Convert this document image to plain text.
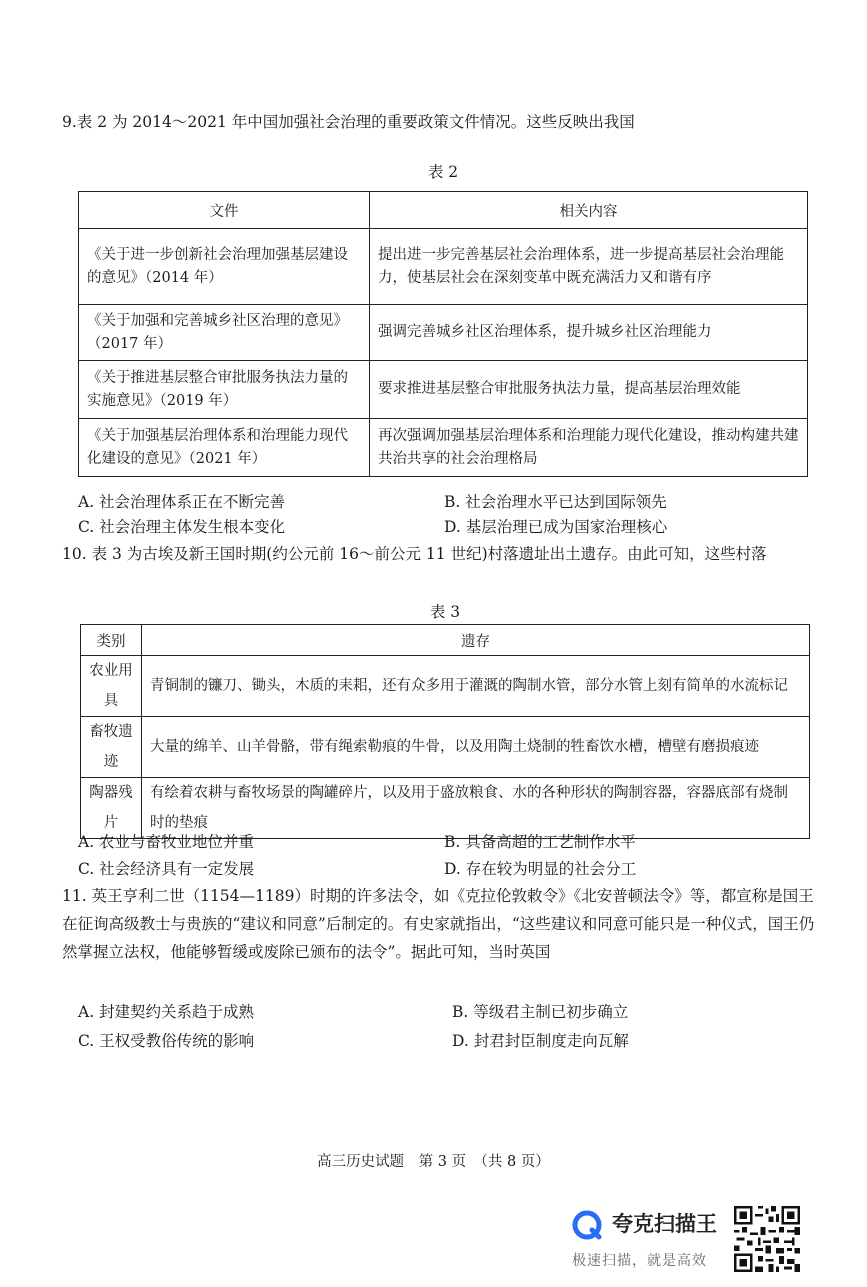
9.表 2 为 2014～2021 年中国加强社会治理的重要政策文件情况。这些反映出我国
表 2
文件	相关内容
《关于进一步创新社会治理加强基层建设的意见》（2014 年）	提出进一步完善基层社会治理体系，进一步提高基层社会治理能力，使基层社会在深刻变革中既充满活力又和谐有序
《关于加强和完善城乡社区治理的意见》（2017 年）	强调完善城乡社区治理体系，提升城乡社区治理能力
《关于推进基层整合审批服务执法力量的实施意见》（2019 年）	要求推进基层整合审批服务执法力量，提高基层治理效能
《关于加强基层治理体系和治理能力现代化建设的意见》（2021 年）	再次强调加强基层治理体系和治理能力现代化建设，推动构建共建共治共享的社会治理格局
A. 社会治理体系正在不断完善	B. 社会治理水平已达到国际领先
C. 社会治理主体发生根本变化	D. 基层治理已成为国家治理核心
10. 表 3 为古埃及新王国时期(约公元前 16～前公元 11 世纪)村落遗址出土遗存。由此可知，这些村落
表 3
类别	遗存
农业用具	青铜制的镰刀、锄头，木质的耒耜，还有众多用于灌溉的陶制水管，部分水管上刻有简单的水流标记
畜牧遗迹	大量的绵羊、山羊骨骼，带有绳索勒痕的牛骨，以及用陶土烧制的牲畜饮水槽，槽壁有磨损痕迹
陶器残片	有绘着农耕与畜牧场景的陶罐碎片，以及用于盛放粮食、水的各种形状的陶制容器，容器底部有烧制时的垫痕
A. 农业与畜牧业地位并重	B. 具备高超的工艺制作水平
C. 社会经济具有一定发展	D. 存在较为明显的社会分工
11. 英王亨利二世（1154—1189）时期的许多法令，如《克拉伦敦敕令》《北安普顿法令》等，都宣称是国王在征询高级教士与贵族的“建议和同意”后制定的。有史家就指出，“这些建议和同意可能只是一种仪式，国王仍然掌握立法权，他能够暂缓或废除已颁布的法令”。据此可知，当时英国
A. 封建契约关系趋于成熟	B. 等级君主制已初步确立
C. 王权受教俗传统的影响	D. 封君封臣制度走向瓦解
高三历史试题　第 3 页　（共 8 页）
夸克扫描王
极速扫描，就是高效
